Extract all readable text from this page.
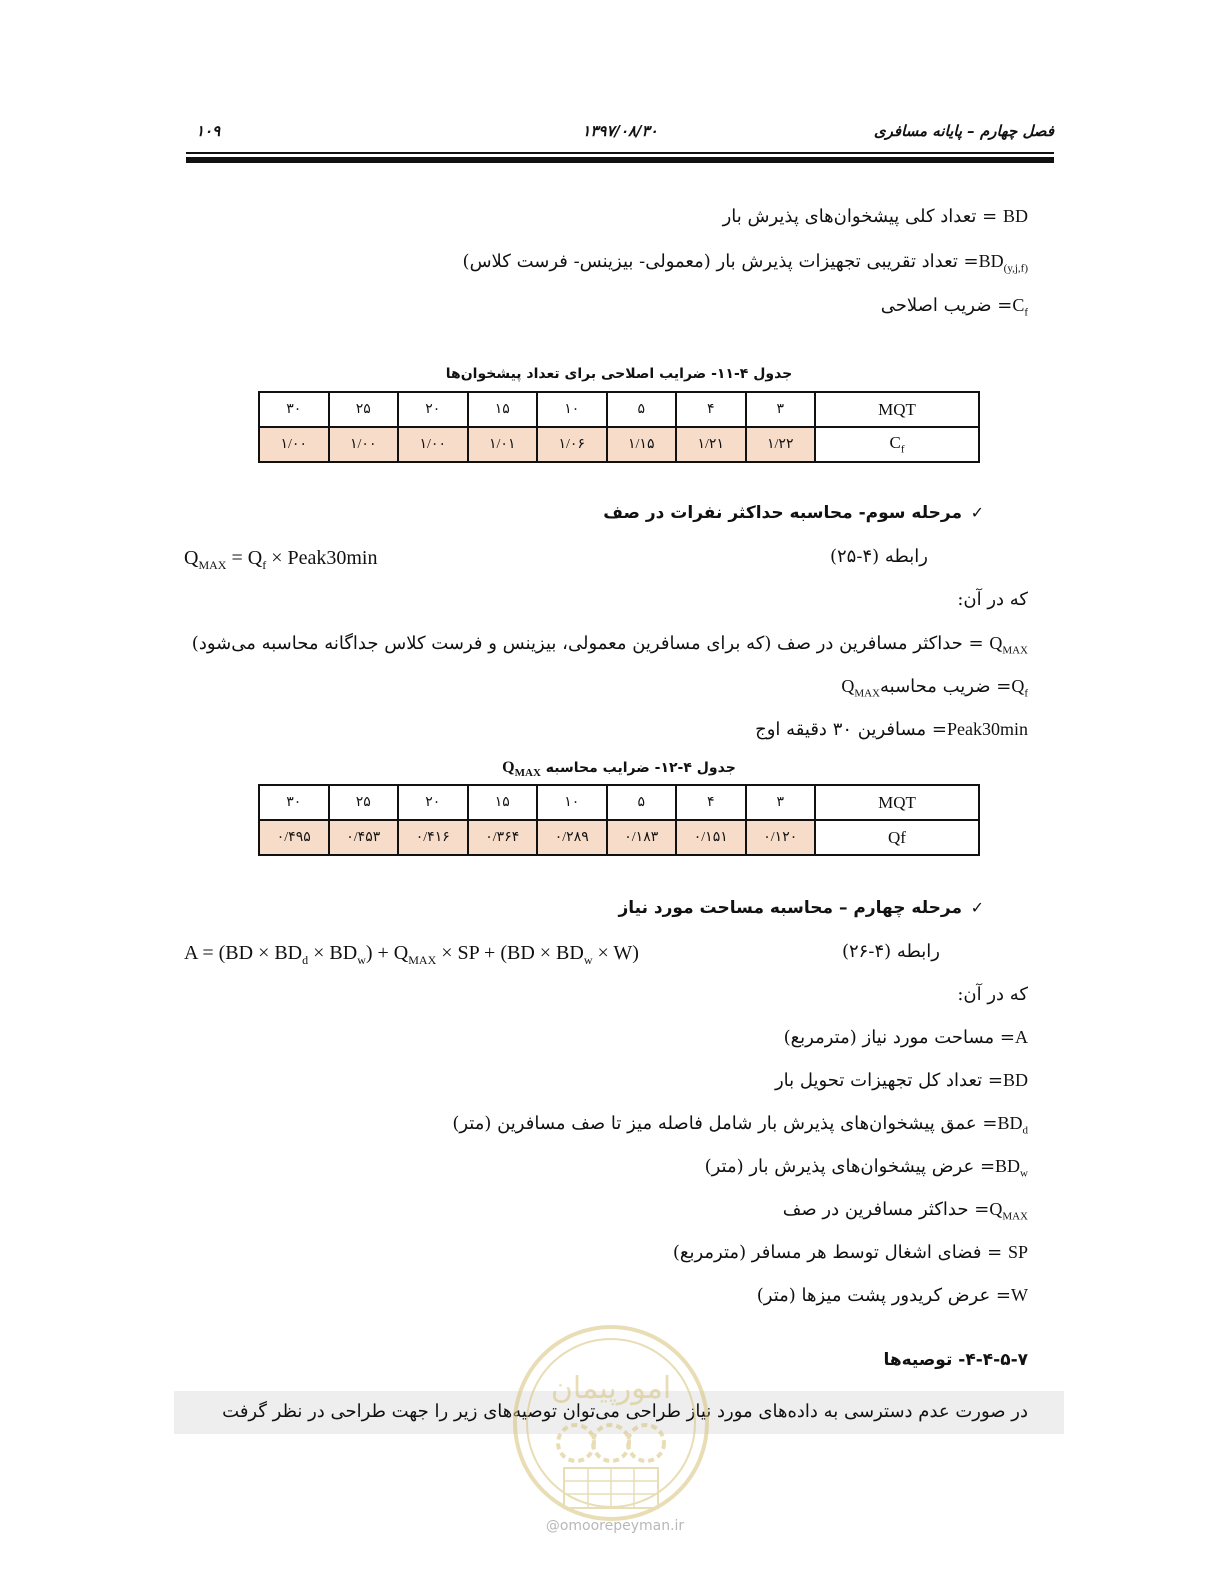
فصل چهارم – پایانه مسافری
۱۳۹۷/۰۸/۳۰
۱۰۹
BD = تعداد کلی پیشخوان‌های پذیرش بار
$BD_{(y,j,f)}=$ تعداد تقریبی تجهیزات پذیرش بار (معمولی- بیزینس- فرست کلاس)
$C_f=$ ضریب اصلاحی
جدول ۴-۱۱- ضرایب اصلاحی برای تعداد پیشخوان‌ها
MQT	۳	۴	۵	۱۰	۱۵	۲۰	۲۵	۳۰
$C_f$	۱/۲۲	۱/۲۱	۱/۱۵	۱/۰۶	۱/۰۱	۱/۰۰	۱/۰۰	۱/۰۰
✓
مرحله سوم- محاسبه حداکثر نفرات در صف
$Q_{MAX} = Q_f$ × Peak30min	رابطه (۴-۲۵)
که در آن:
$Q_{MAX}$ = حداکثر مسافرین در صف (که برای مسافرین معمولی، بیزینس و فرست کلاس جداگانه محاسبه می‌شود)
$Q_f=$ ضریب محاسبهQ$_{MAX}$
Peak30min= مسافرین ۳۰ دقیقه اوج
جدول ۴-۱۲- ضرایب محاسبه $Q_{MAX}$
MQT	۳	۴	۵	۱۰	۱۵	۲۰	۲۵	۳۰
Qf	۰/۱۲۰	۰/۱۵۱	۰/۱۸۳	۰/۲۸۹	۰/۳۶۴	۰/۴۱۶	۰/۴۵۳	۰/۴۹۵
✓
مرحله چهارم – محاسبه مساحت مورد نیاز
$A = (BD \times BD_d \times BD_w) + Q_{MAX}$ × SP + $(BD \times BD_w \times W)$	رابطه (۴-۲۶)
که در آن:
A= مساحت مورد نیاز (مترمربع)
BD= تعداد کل تجهیزات تحویل بار
$BD_d=$ عمق پیشخوان‌های پذیرش بار شامل فاصله میز تا صف مسافرین (متر)
$BD_w=$ عرض پیشخوان‌های پذیرش بار (متر)
$Q_{MAX}=$ حداکثر مسافرین در صف
SP = فضای اشغال توسط هر مسافر (مترمربع)
W= عرض کریدور پشت میزها (متر)
۴-۴-۵-۷- توصیه‌ها
در صورت عدم دسترسی به داده‌های مورد نیاز طراحی می‌توان توصیه‌های زیر را جهت طراحی در نظر گرفت
امورپیمان
@omoorepeyman.ir
